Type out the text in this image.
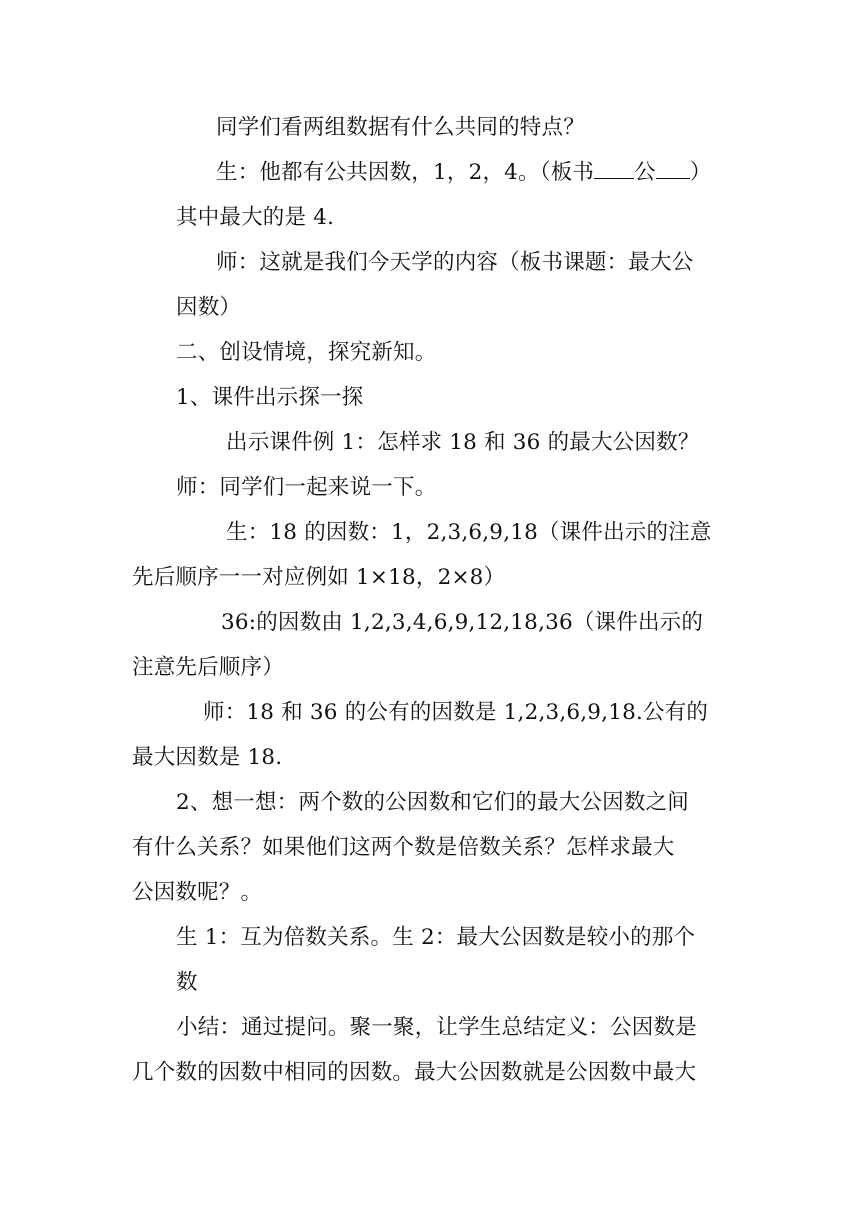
同学们看两组数据有什么共同的特点？
生：他都有公共因数，1，2，4。（板书 公 ）
其中最大的是 4.
师：这就是我们今天学的内容（板书课题：最大公
因数）
二、创设情境，探究新知。
1、课件出示探一探
出示课件例 1：怎样求 18 和 36 的最大公因数？
师：同学们一起来说一下。
生：18 的因数：1，2,3,6,9,18（课件出示的注意
先后顺序一一对应例如 1×18，2×8）
36:的因数由 1,2,3,4,6,9,12,18,36（课件出示的
注意先后顺序）
师：18 和 36 的公有的因数是 1,2,3,6,9,18.公有的
最大因数是 18.
2、想一想：两个数的公因数和它们的最大公因数之间
有什么关系？如果他们这两个数是倍数关系？怎样求最大
公因数呢？。
生 1：互为倍数关系。生 2：最大公因数是较小的那个
数
小结：通过提问。聚一聚，让学生总结定义：公因数是
几个数的因数中相同的因数。最大公因数就是公因数中最大
